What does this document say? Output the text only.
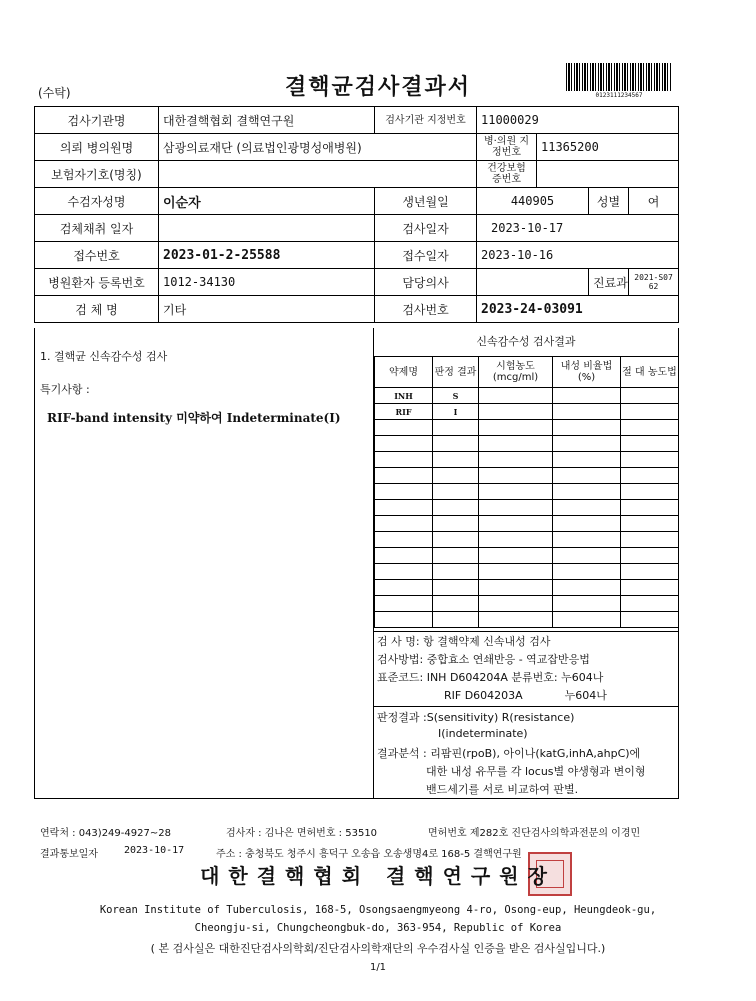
(수탁)	결핵균검사결과서	0123111234567
검사기관명	대한결핵협회 결핵연구원	검사기관 지정번호	11000029			
의뢰 병의원명	삼광의료재단 (의료법인광명성애병원)		병·의원 지정번호	11365200		
보험자기호(명칭)			건강보험 증번호			
수검자성명	이순자	생년월일	440905		성별	여
검체채취 일자		검사일자	2023-10-17			
접수번호	2023-01-2-25588	접수일자	2023-10-16			
병원환자 등록번호	1012-34130	담당의사			진료과	2021-S0762
검 체 명	기타	검사번호	2023-24-03091			
1. 결핵균 신속감수성 검사
특기사항 :
RIF-band intensity 미약하여 Indeterminate(I)
신속감수성 검사결과
약제명	판정 결과	시험농도 (mcg/ml)	내성 비율법(%)	절 대 농도법
INH	S			
RIF	I			

검 사 명: 항 결핵약제 신속내성 검사
검사방법: 중합효소 연쇄반응 - 역교잡반응법
표준코드: INH D604204A 분류번호: 누604나
RIF D604203A            누604나
판정결과 :S(sensitivity) R(resistance)
I(indeterminate)
결과분석 : 리팜핀(rpoB), 아이나(katG,inhA,ahpC)에
대한 내성 유무를 각 locus별 야생형과 변이형
밴드세기를 서로 비교하여 판별.
연락처 : 043)249-4927~28	검사자 : 김나은 면허번호 : 53510	면허번호 제282호 진단검사의학과전문의 이경민
결과통보일자	2023-10-17	주소 : 충청북도 청주시 흥덕구 오송읍 오송생명4로 168-5 결핵연구원
대한결핵협회 결핵연구원장
Korean Institute of Tuberculosis, 168-5, Osongsaengmyeong 4-ro, Osong-eup, Heungdeok-gu,
Cheongju-si, Chungcheongbuk-do, 363-954, Republic of Korea
( 본 검사실은 대한진단검사의학회/진단검사의학재단의 우수검사실 인증을 받은 검사실입니다.)
1/1
